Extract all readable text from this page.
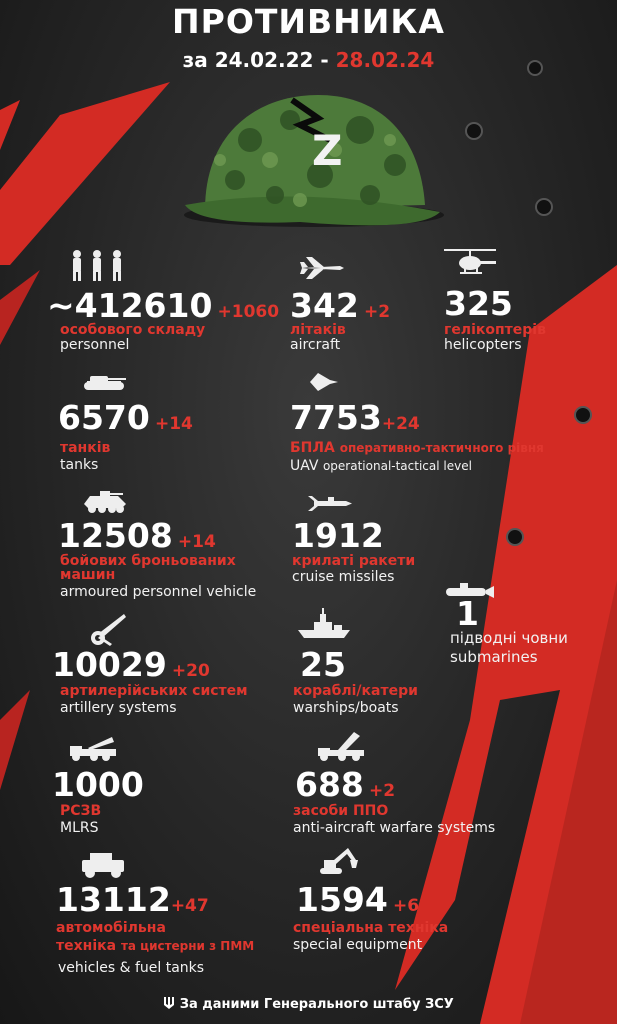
Z
ПРОТИВНИКА
за 24.02.22 - 28.02.24
~412610 +1060
особового складу
personnel
342 +2
літаків
aircraft
325
гелікоптерів
helicopters
6570 +14
танків
tanks
7753+24
БПЛА оперативно-тактичного рівня
UAV operational-tactical level
12508 +14
бойових броньованих
машин
armoured personnel vehicle
1912
крилаті ракети
cruise missiles
1
підводні човни
submarines
10029 +20
артилерійських систем
artillery systems
25
кораблі/катери
warships/boats
1000
РСЗВ
MLRS
688 +2
засоби ППО
anti-aircraft warfare systems
13112+47
автомобільна
техніка та цистерни з ПММ
vehicles & fuel tanks
1594 +6
спеціальна техніка
special equipment
За даними Генерального штабу ЗСУ
